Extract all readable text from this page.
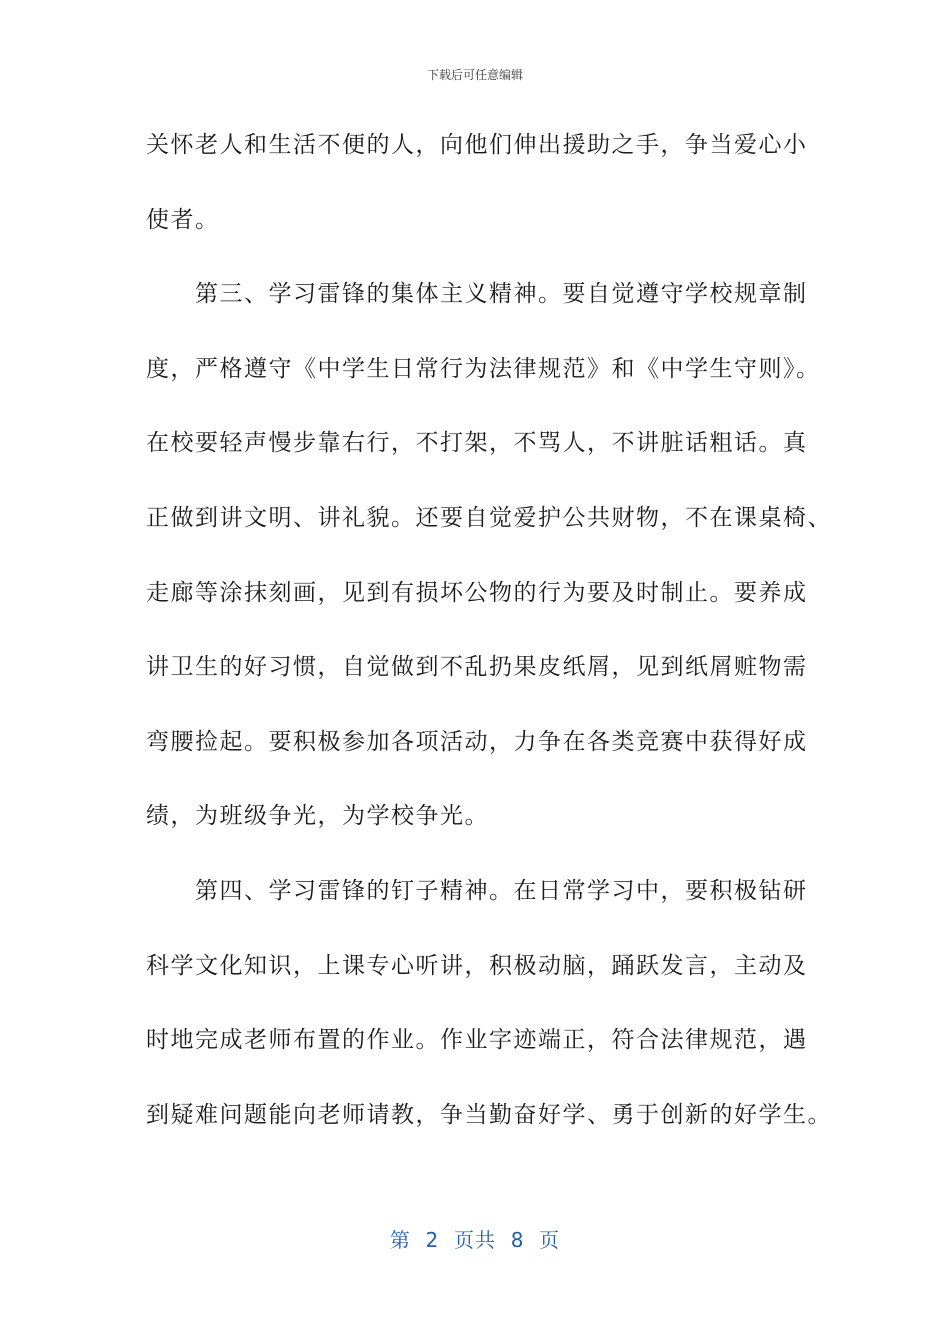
下载后可任意编辑
关怀老人和生活不便的人，向他们伸出援助之手，争当爱心小
使者。
　　第三、学习雷锋的集体主义精神。要自觉遵守学校规章制
度，严格遵守《中学生日常行为法律规范》和《中学生守则》。
在校要轻声慢步靠右行，不打架，不骂人，不讲脏话粗话。真
正做到讲文明、讲礼貌。还要自觉爱护公共财物，不在课桌椅、
走廊等涂抹刻画，见到有损坏公物的行为要及时制止。要养成
讲卫生的好习惯，自觉做到不乱扔果皮纸屑，见到纸屑赃物需
弯腰捡起。要积极参加各项活动，力争在各类竞赛中获得好成
绩，为班级争光，为学校争光。
　　第四、学习雷锋的钉子精神。在日常学习中，要积极钻研
科学文化知识，上课专心听讲，积极动脑，踊跃发言，主动及
时地完成老师布置的作业。作业字迹端正，符合法律规范，遇
到疑难问题能向老师请教，争当勤奋好学、勇于创新的好学生。
第  2  页共  8  页
